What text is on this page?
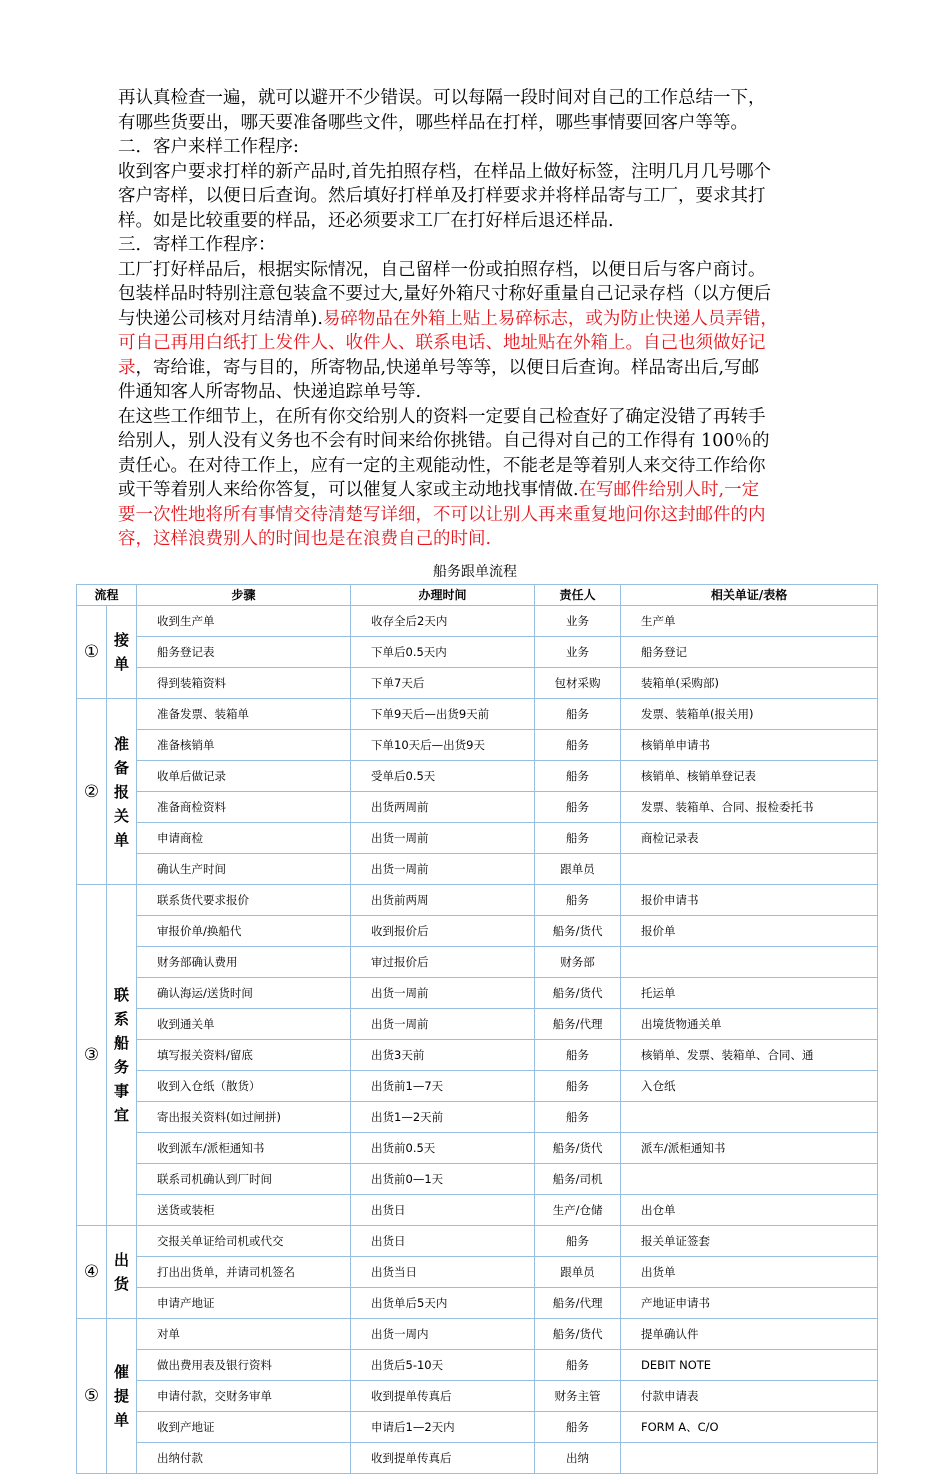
再认真检查一遍，就可以避开不少错误。可以每隔一段时间对自己的工作总结一下，
有哪些货要出，哪天要准备哪些文件，哪些样品在打样，哪些事情要回客户等等。
二．客户来样工作程序:
收到客户要求打样的新产品时,首先拍照存档，在样品上做好标签，注明几月几号哪个
客户寄样，以便日后查询。然后填好打样单及打样要求并将样品寄与工厂，要求其打
样。如是比较重要的样品，还必须要求工厂在打好样后退还样品.
三．寄样工作程序：
工厂打好样品后，根据实际情况，自己留样一份或拍照存档，以便日后与客户商讨。
包装样品时特别注意包装盒不要过大,量好外箱尺寸称好重量自己记录存档（以方便后
与快递公司核对月结清单).易碎物品在外箱上贴上易碎标志，或为防止快递人员弄错，
可自己再用白纸打上发件人、收件人、联系电话、地址贴在外箱上。自己也须做好记
录，寄给谁，寄与目的，所寄物品,快递单号等等，以便日后查询。样品寄出后,写邮
件通知客人所寄物品、快递追踪单号等.
在这些工作细节上，在所有你交给别人的资料一定要自己检查好了确定没错了再转手
给别人，别人没有义务也不会有时间来给你挑错。自己得对自己的工作得有 100％的
责任心。在对待工作上，应有一定的主观能动性，不能老是等着别人来交待工作给你
或干等着别人来给你答复，可以催复人家或主动地找事情做.在写邮件给别人时,一定
要一次性地将所有事情交待清楚写详细，不可以让别人再来重复地问你这封邮件的内
容，这样浪费别人的时间也是在浪费自己的时间.
船务跟单流程
流程		步骤	办理时间	责任人	相关单证/表格
①	接单	收到生产单	收存全后2天内	业务	生产单
		船务登记表	下单后0.5天内	业务	船务登记
		得到装箱资料	下单7天后	包材采购	装箱单(采购部)
②	准备报关单	准备发票、装箱单	下单9天后—出货9天前	船务	发票、装箱单(报关用)
		准备核销单	下单10天后—出货9天	船务	核销单申请书
		收单后做记录	受单后0.5天	船务	核销单、核销单登记表
		准备商检资料	出货两周前	船务	发票、装箱单、合同、报检委托书
		申请商检	出货一周前	船务	商检记录表
		确认生产时间	出货一周前	跟单员	
③	联系船务事宜	联系货代要求报价	出货前两周	船务	报价申请书
		审报价单/换船代	收到报价后	船务/货代	报价单
		财务部确认费用	审过报价后	财务部	
		确认海运/送货时间	出货一周前	船务/货代	托运单
		收到通关单	出货一周前	船务/代理	出境货物通关单
		填写报关资料/留底	出货3天前	船务	核销单、发票、装箱单、合同、通
		收到入仓纸（散货）	出货前1—7天	船务	入仓纸
		寄出报关资料(如过闸拼)	出货1—2天前	船务	
		收到派车/派柜通知书	出货前0.5天	船务/货代	派车/派柜通知书
		联系司机确认到厂时间	出货前0—1天	船务/司机	
		送货或装柜	出货日	生产/仓储	出仓单
④	出货	交报关单证给司机或代交	出货日	船务	报关单证签套
		打出出货单，并请司机签名	出货当日	跟单员	出货单
		申请产地证	出货单后5天内	船务/代理	产地证申请书
⑤	催提单	对单	出货一周内	船务/货代	提单确认件
		做出费用表及银行资料	出货后5-10天	船务	DEBIT NOTE
		申请付款，交财务审单	收到提单传真后	财务主管	付款申请表
		收到产地证	申请后1—2天内	船务	FORM A、C/O
		出纳付款	收到提单传真后	出纳	
